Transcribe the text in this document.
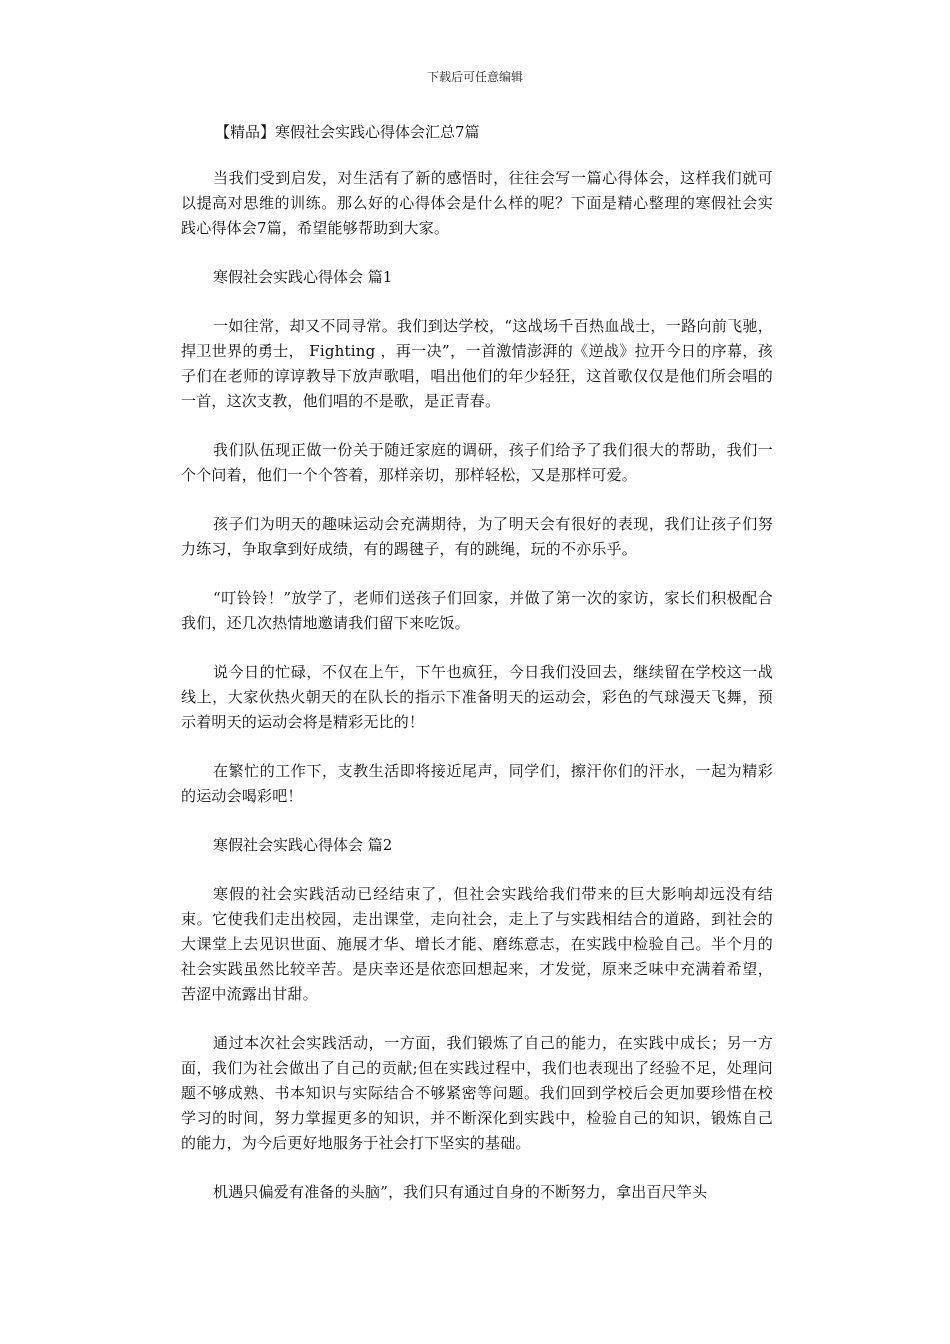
下载后可任意编辑

【精品】寒假社会实践心得体会汇总7篇

当我们受到启发，对生活有了新的感悟时，往往会写一篇心得体会，这样我们就可以提高对思维的训练。那么好的心得体会是什么样的呢？下面是精心整理的寒假社会实践心得体会7篇，希望能够帮助到大家。

寒假社会实践心得体会 篇1

一如往常，却又不同寻常。我们到达学校，“这战场千百热血战士，一路向前飞驰，捍卫世界的勇士， Fighting ，再一决”，一首激情澎湃的《逆战》拉开今日的序幕，孩子们在老师的谆谆教导下放声歌唱，唱出他们的年少轻狂，这首歌仅仅是他们所会唱的一首，这次支教，他们唱的不是歌，是正青春。

我们队伍现正做一份关于随迁家庭的调研，孩子们给予了我们很大的帮助，我们一个个问着，他们一个个答着，那样亲切，那样轻松，又是那样可爱。

孩子们为明天的趣味运动会充满期待，为了明天会有很好的表现，我们让孩子们努力练习，争取拿到好成绩，有的踢毽子，有的跳绳，玩的不亦乐乎。

“叮铃铃！”放学了，老师们送孩子们回家，并做了第一次的家访，家长们积极配合我们，还几次热情地邀请我们留下来吃饭。

说今日的忙碌，不仅在上午，下午也疯狂，今日我们没回去，继续留在学校这一战线上，大家伙热火朝天的在队长的指示下准备明天的运动会，彩色的气球漫天飞舞，预示着明天的运动会将是精彩无比的！

在繁忙的工作下，支教生活即将接近尾声，同学们，擦汗你们的汗水，一起为精彩的运动会喝彩吧！

寒假社会实践心得体会 篇2

寒假的社会实践活动已经结束了，但社会实践给我们带来的巨大影响却远没有结束。它使我们走出校园，走出课堂，走向社会，走上了与实践相结合的道路，到社会的大课堂上去见识世面、施展才华、增长才能、磨练意志，在实践中检验自己。半个月的社会实践虽然比较辛苦。是庆幸还是依恋回想起来，才发觉，原来乏味中充满着希望，苦涩中流露出甘甜。

通过本次社会实践活动，一方面，我们锻炼了自己的能力，在实践中成长；另一方面，我们为社会做出了自己的贡献;但在实践过程中，我们也表现出了经验不足，处理问题不够成熟、书本知识与实际结合不够紧密等问题。我们回到学校后会更加要珍惜在校学习的时间，努力掌握更多的知识，并不断深化到实践中，检验自己的知识，锻炼自己的能力，为今后更好地服务于社会打下坚实的基础。

机遇只偏爱有准备的头脑”，我们只有通过自身的不断努力，拿出百尺竿头
